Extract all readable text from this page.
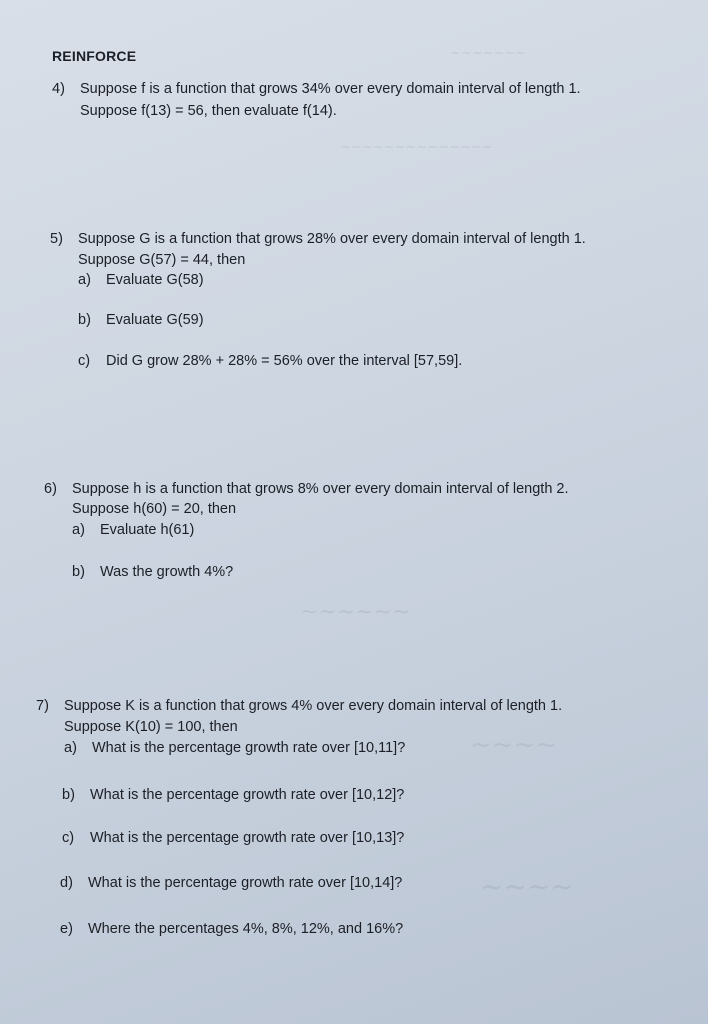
~~~~~~~
~~~~~~~~~~~~~~
~~~~~~
~~~~
~~~~
REINFORCE
4) Suppose f is a function that grows 34% over every domain interval of length 1.
Suppose f(13) = 56, then evaluate f(14).
5) Suppose G is a function that grows 28% over every domain interval of length 1.
Suppose G(57) = 44, then
a) Evaluate G(58)
b) Evaluate G(59)
c) Did G grow 28% + 28% = 56% over the interval [57,59].
6) Suppose h is a function that grows 8% over every domain interval of length 2.
Suppose h(60) = 20, then
a) Evaluate h(61)
b) Was the growth 4%?
7) Suppose K is a function that grows 4% over every domain interval of length 1.
Suppose K(10) = 100, then
a) What is the percentage growth rate over [10,11]?
b) What is the percentage growth rate over [10,12]?
c) What is the percentage growth rate over [10,13]?
d) What is the percentage growth rate over [10,14]?
e) Where the percentages 4%, 8%, 12%, and 16%?
